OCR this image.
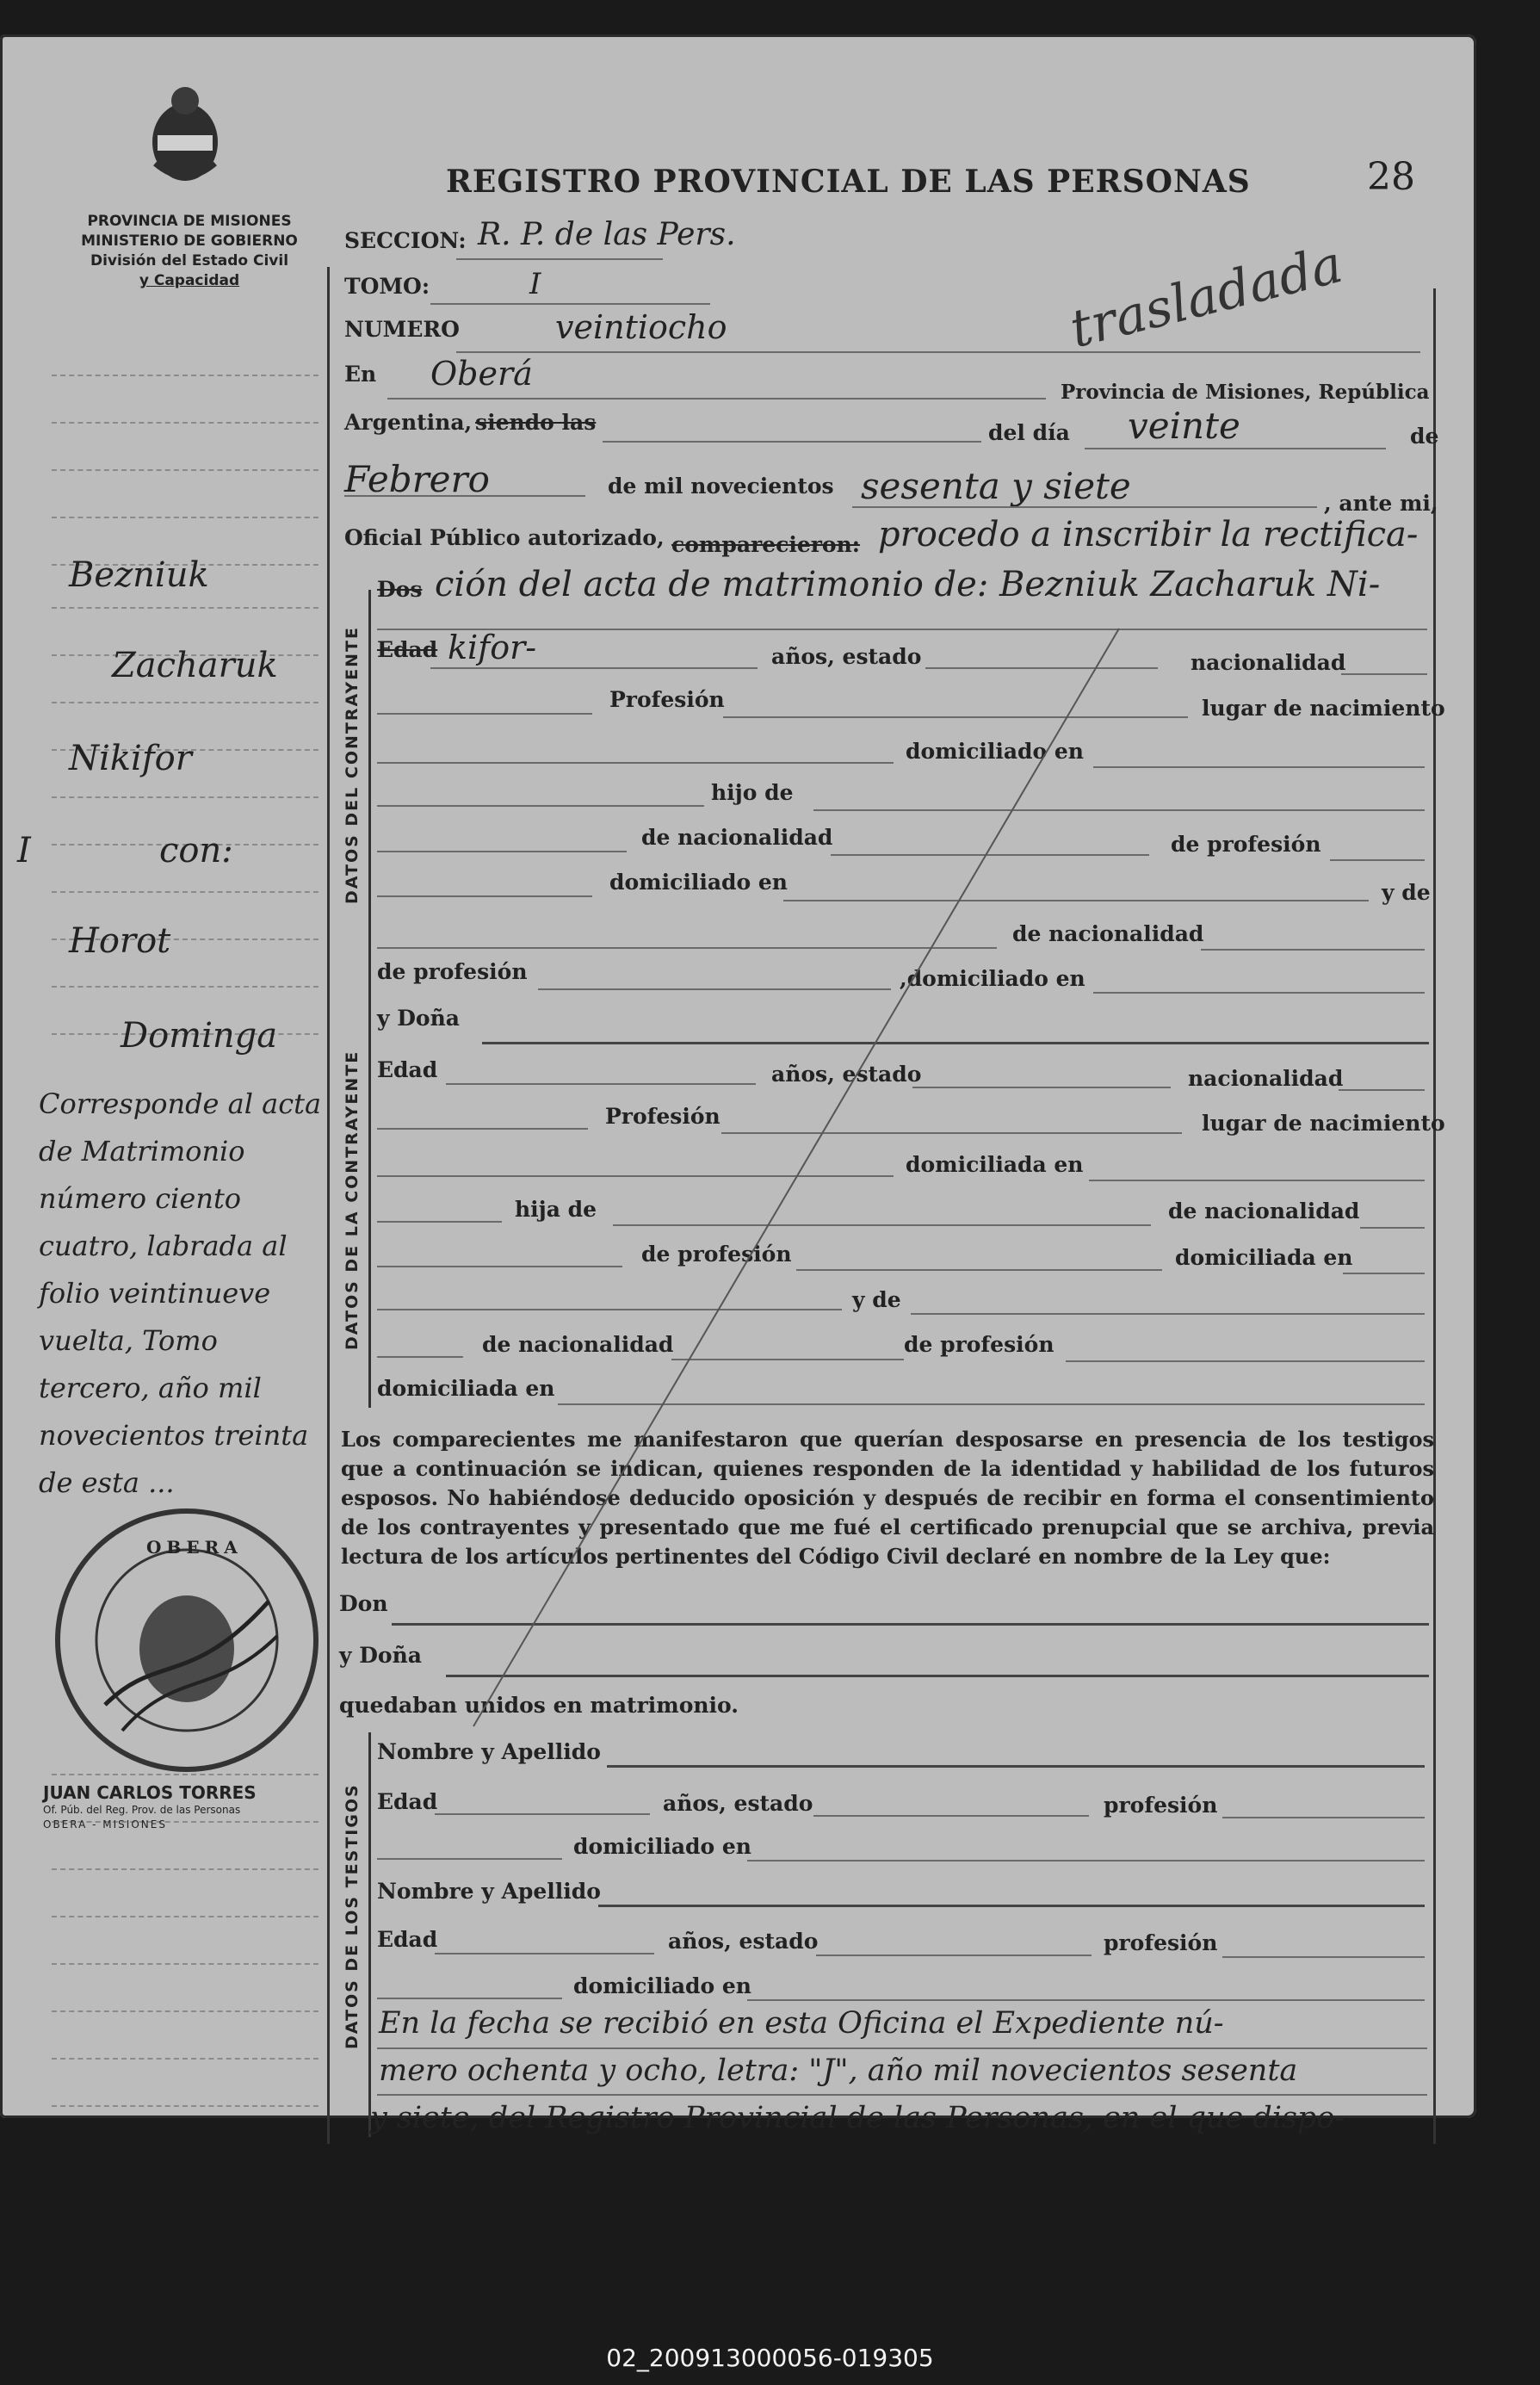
PROVINCIA DE MISIONES
MINISTERIO DE GOBIERNO
División del Estado Civil
y Capacidad
REGISTRO PROVINCIAL DE LAS PERSONAS	28
trasladada
Bezniuk
Zacharuk
Nikifor
I	con:
Horot
Dominga
Corresponde al acta de Matrimonio número ciento cuatro, labrada al folio veintinueve vuelta, Tomo tercero, año mil novecientos treinta de esta ...
OBERA
JUAN CARLOS TORRES
Of. Púb. del Reg. Prov. de las Personas
OBERA - MISIONES
SECCION: R. P. de las Pers.
TOMO:	I
NUMERO	veintiocho
En Oberá	Provincia de Misiones, República
Argentina, siendo las	del día veinte	de
Febrero	de mil novecientos sesenta y siete	, ante mi,
Oficial Público autorizado, comparecieron: procedo a inscribir la rectifica-
Dos ción del acta de matrimonio de: Bezniuk Zacharuk Ni-
DATOS DEL CONTRAYENTE Edad kifor-	años, estado	nacionalidad
Profesión	lugar de nacimiento
domiciliado en
hijo de
de nacionalidad	de profesión
domiciliado en	y de
de nacionalidad
de profesión	,domiciliado en
DATOS DE LA CONTRAYENTE
y Doña
Edad	años, estado	nacionalidad
Profesión	lugar de nacimiento
domiciliada en
hija de	de nacionalidad
de profesión	domiciliada en
y de
de nacionalidad	de profesión
domiciliada en
Los comparecientes me manifestaron que querían desposarse en presencia de los testigos que a continuación se indican, quienes responden de la identidad y habilidad de los futuros esposos. No habiéndose deducido oposición y después de recibir en forma el consentimiento de los contrayentes y presentado que me fué el certificado prenupcial que se archiva, previa lectura de los artículos pertinentes del Código Civil declaré en nombre de la Ley que:
Don
y Doña
quedaban unidos en matrimonio.
DATOS DE LOS TESTIGOS
Nombre y Apellido
Edad	años, estado	profesión
domiciliado en
Nombre y Apellido
Edad	años, estado	profesión
domiciliado en
En la fecha se recibió en esta Oficina el Expediente nú-
mero ochenta y ocho, letra: "J", año mil novecientos sesenta
y siete, del Registro Provincial de las Personas, en el que dispo-
02_200913000056-019305
